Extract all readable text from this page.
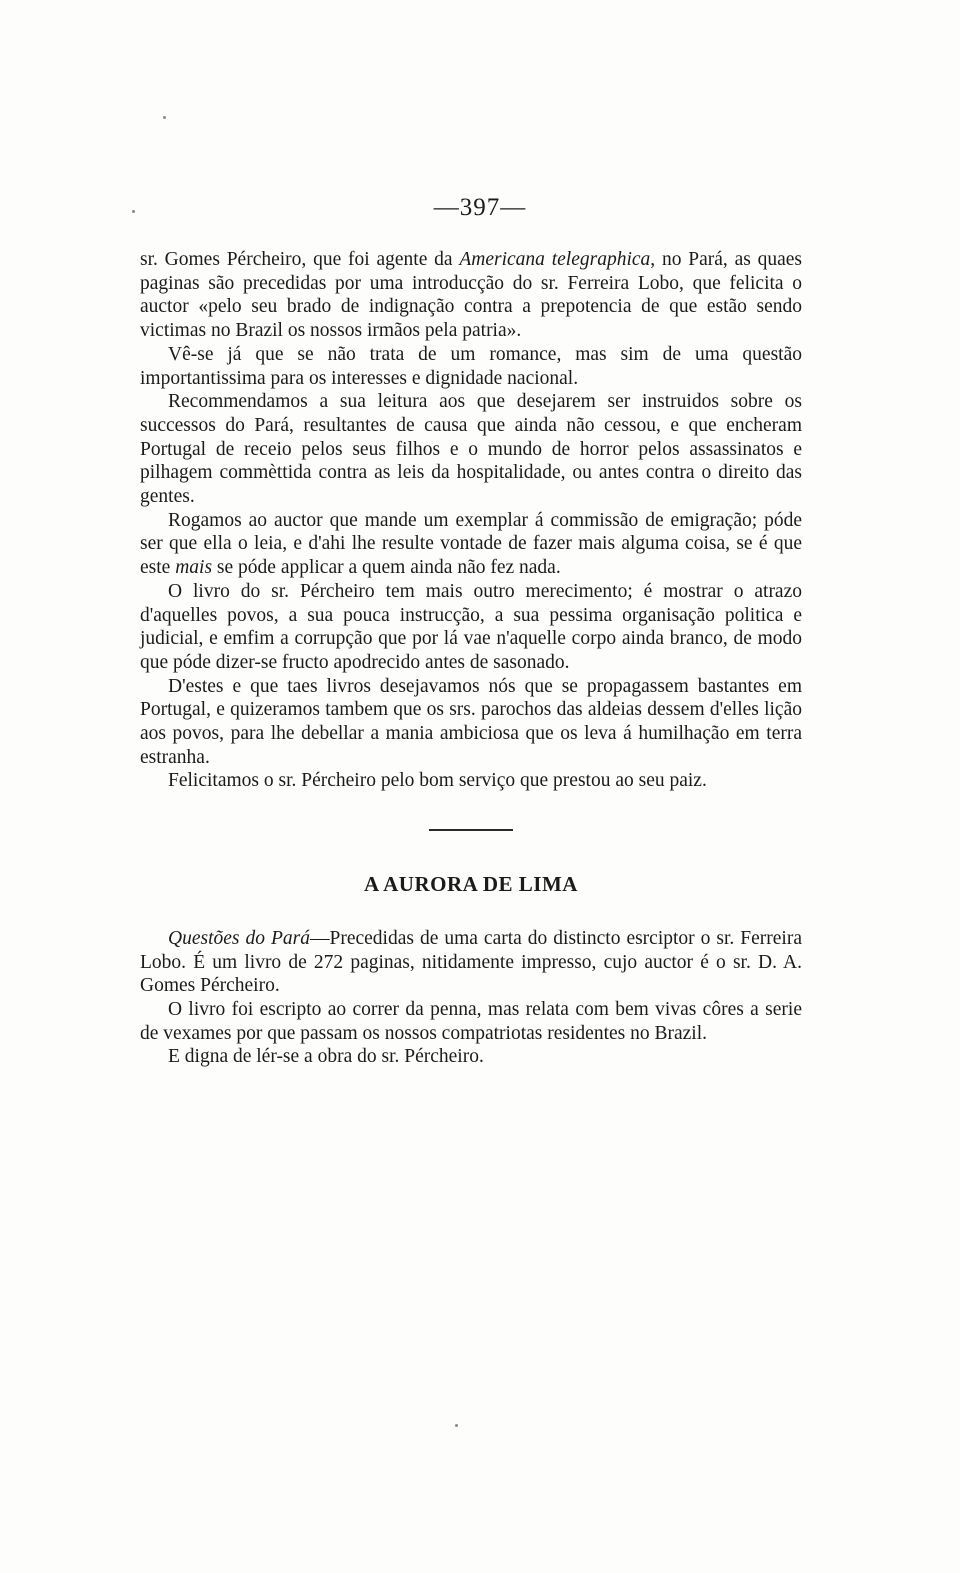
—397—

sr. Gomes Pércheiro, que foi agente da Americana telegraphica, no Pará, as quaes paginas são precedidas por uma introducção do sr. Ferreira Lobo, que felicita o auctor «pelo seu brado de indignação contra a prepotencia de que estão sendo victimas no Brazil os nossos irmãos pela patria».

Vê-se já que se não trata de um romance, mas sim de uma questão importantissima para os interesses e dignidade nacional.

Recommendamos a sua leitura aos que desejarem ser instruidos sobre os successos do Pará, resultantes de causa que ainda não cessou, e que encheram Portugal de receio pelos seus filhos e o mundo de horror pelos assassinatos e pilhagem commèttida contra as leis da hospitalidade, ou antes contra o direito das gentes.

Rogamos ao auctor que mande um exemplar á commissão de emigração; póde ser que ella o leia, e d'ahi lhe resulte vontade de fazer mais alguma coisa, se é que este mais se póde applicar a quem ainda não fez nada.

O livro do sr. Pércheiro tem mais outro merecimento; é mostrar o atrazo d'aquelles povos, a sua pouca instrucção, a sua pessima organisação politica e judicial, e emfim a corrupção que por lá vae n'aquelle corpo ainda branco, de modo que póde dizer-se fructo apodrecido antes de sasonado.

D'estes e que taes livros desejavamos nós que se propagassem bastantes em Portugal, e quizeramos tambem que os srs. parochos das aldeias dessem d'elles lição aos povos, para lhe debellar a mania ambiciosa que os leva á humilhação em terra estranha.

Felicitamos o sr. Pércheiro pelo bom serviço que prestou ao seu paiz.

A AURORA DE LIMA

Questões do Pará—Precedidas de uma carta do distincto esrciptor o sr. Ferreira Lobo. É um livro de 272 paginas, nitidamente impresso, cujo auctor é o sr. D. A. Gomes Pércheiro.

O livro foi escripto ao correr da penna, mas relata com bem vivas côres a serie de vexames por que passam os nossos compatriotas residentes no Brazil.

E digna de lér-se a obra do sr. Pércheiro.
